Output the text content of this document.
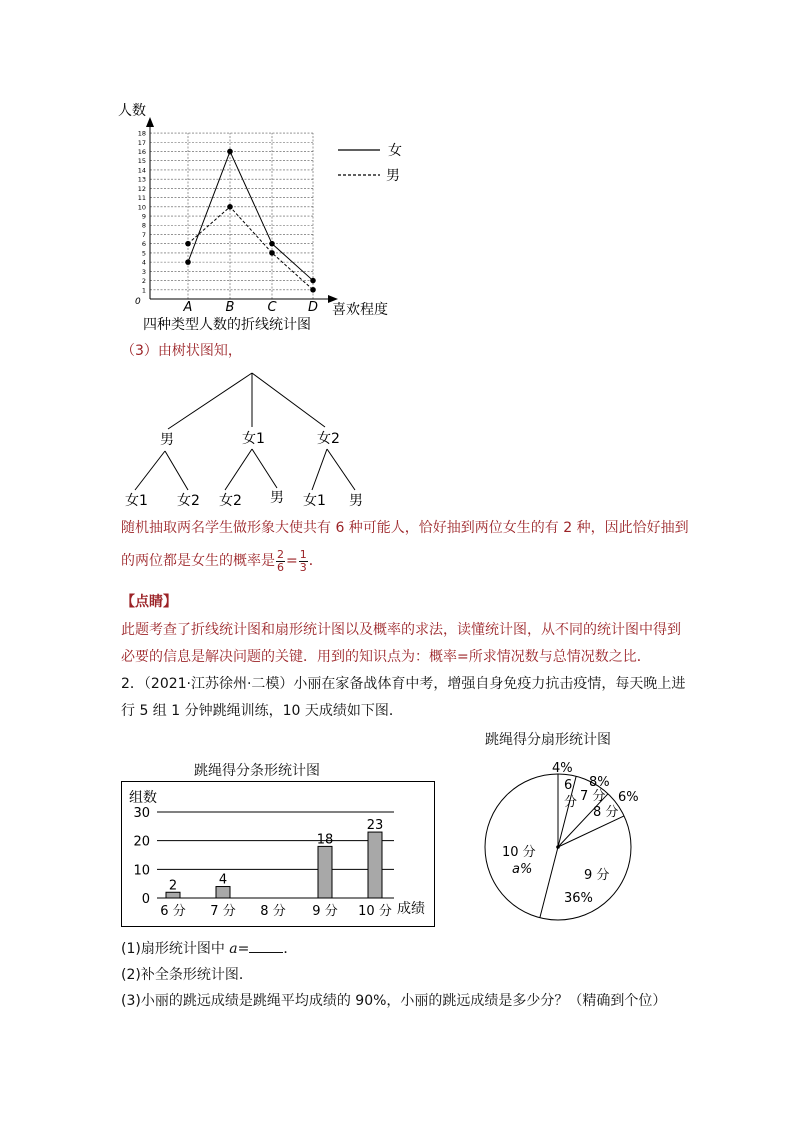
1
2
3
4
5
6
7
8
9
10
11
12
13
14
15
16
17
18
人数
喜欢程度
0	A	B	C D
女
男
四种类型人数的折线统计图
（3）由树状图知，
男	女1	女2
女1 女2 女2 男 女1 男
随机抽取两名学生做形象大使共有 6 种可能人，恰好抽到两位女生的有 2 种，因此恰好抽到
的两位都是女生的概率是 $\frac{2}{6} = \frac{1}{3}$ ．
【点睛】
此题考查了折线统计图和扇形统计图以及概率的求法，读懂统计图，从不同的统计图中得到
必要的信息是解决问题的关键．用到的知识点为：概率=所求情况数与总情况数之比．
2．（2021·江苏徐州·二模）小丽在家备战体育中考，增强自身免疫力抗击疫情，每天晚上进
行 5 组 1 分钟跳绳训练，10 天成绩如下图．
跳绳得分条形统计图
组数
成绩
0
10
20
30
6 分
2
7 分
4
8 分 9 分
18
10 分
23
跳绳得分扇形统计图
6
分
4%
7 分
8%
8 分
6%
9 分
36%
10 分
a%
(1)扇形统计图中 a= ．
(2)补全条形统计图．
(3)小丽的跳远成绩是跳绳平均成绩的 90%，小丽的跳远成绩是多少分？（精确到个位）
